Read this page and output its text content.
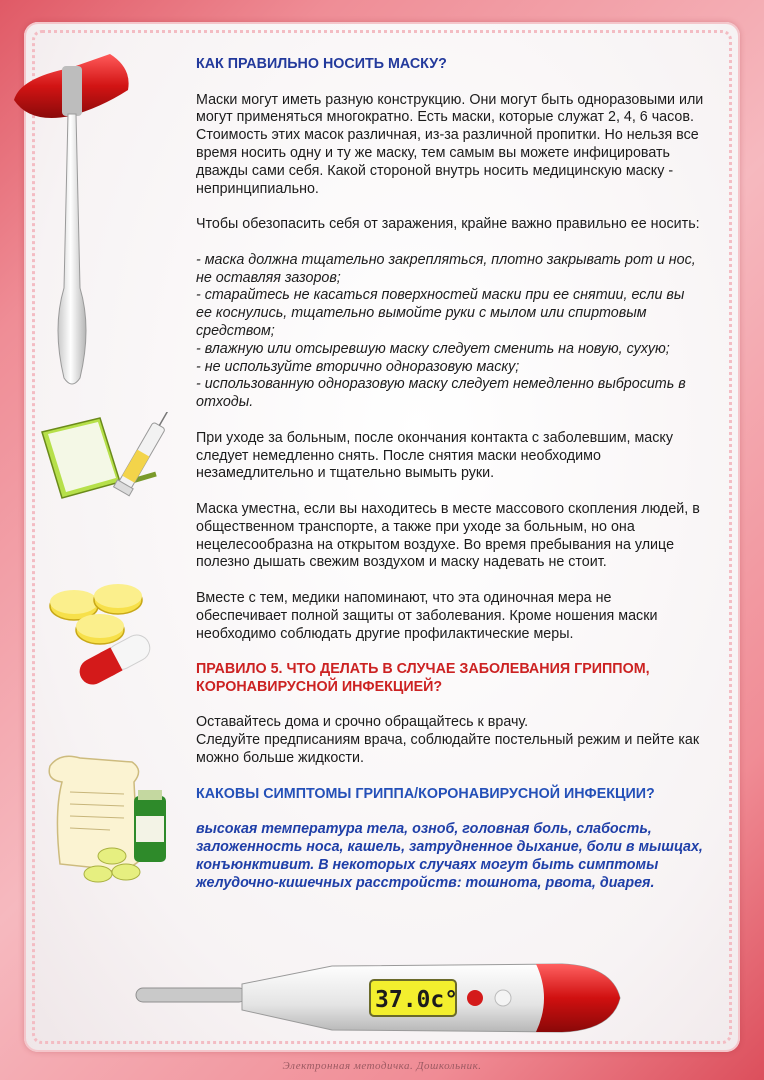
37.0c°

КАК ПРАВИЛЬНО НОСИТЬ МАСКУ?

Маски могут иметь разную конструкцию. Они могут быть одноразовыми или могут применяться многократно. Есть маски, которые служат 2, 4, 6 часов. Стоимость этих масок различная, из-за различной пропитки. Но нельзя все время носить одну и ту же маску, тем самым вы можете инфицировать дважды сами себя. Какой стороной внутрь носить медицинскую маску - непринципиально.

Чтобы обезопасить себя от заражения, крайне важно правильно ее носить:

- маска должна тщательно закрепляться, плотно закрывать рот и нос, не оставляя зазоров;
- старайтесь не касаться поверхностей маски при ее снятии, если вы ее коснулись, тщательно вымойте руки с мылом или спиртовым средством;
- влажную или отсыревшую маску следует сменить на новую, сухую;
- не используйте вторично одноразовую маску;
- использованную одноразовую маску следует немедленно выбросить в отходы.

При уходе за больным, после окончания контакта с заболевшим, маску следует немедленно снять. После снятия маски необходимо незамедлительно и тщательно вымыть руки.

Маска уместна, если вы находитесь в месте массового скопления людей, в общественном транспорте, а также при уходе за больным, но она нецелесообразна на открытом воздухе. Во время пребывания на улице полезно дышать свежим воздухом и маску надевать не стоит.

Вместе с тем, медики напоминают, что эта одиночная мера не обеспечивает полной защиты от заболевания. Кроме ношения маски необходимо соблюдать другие профилактические меры.

ПРАВИЛО 5. ЧТО ДЕЛАТЬ В СЛУЧАЕ ЗАБОЛЕВАНИЯ ГРИППОМ, КОРОНАВИРУСНОЙ ИНФЕКЦИЕЙ?

Оставайтесь дома и срочно обращайтесь к врачу.
Следуйте предписаниям врача, соблюдайте постельный режим и пейте как можно больше жидкости.

КАКОВЫ СИМПТОМЫ ГРИППА/КОРОНАВИРУСНОЙ ИНФЕКЦИИ?

высокая температура тела, озноб, головная боль, слабость, заложенность носа, кашель, затрудненное дыхание, боли в мышцах, конъюнктивит. В некоторых случаях могут быть симптомы желудочно-кишечных расстройств: тошнота, рвота, диарея.

Электронная методичка. Дошкольник.
